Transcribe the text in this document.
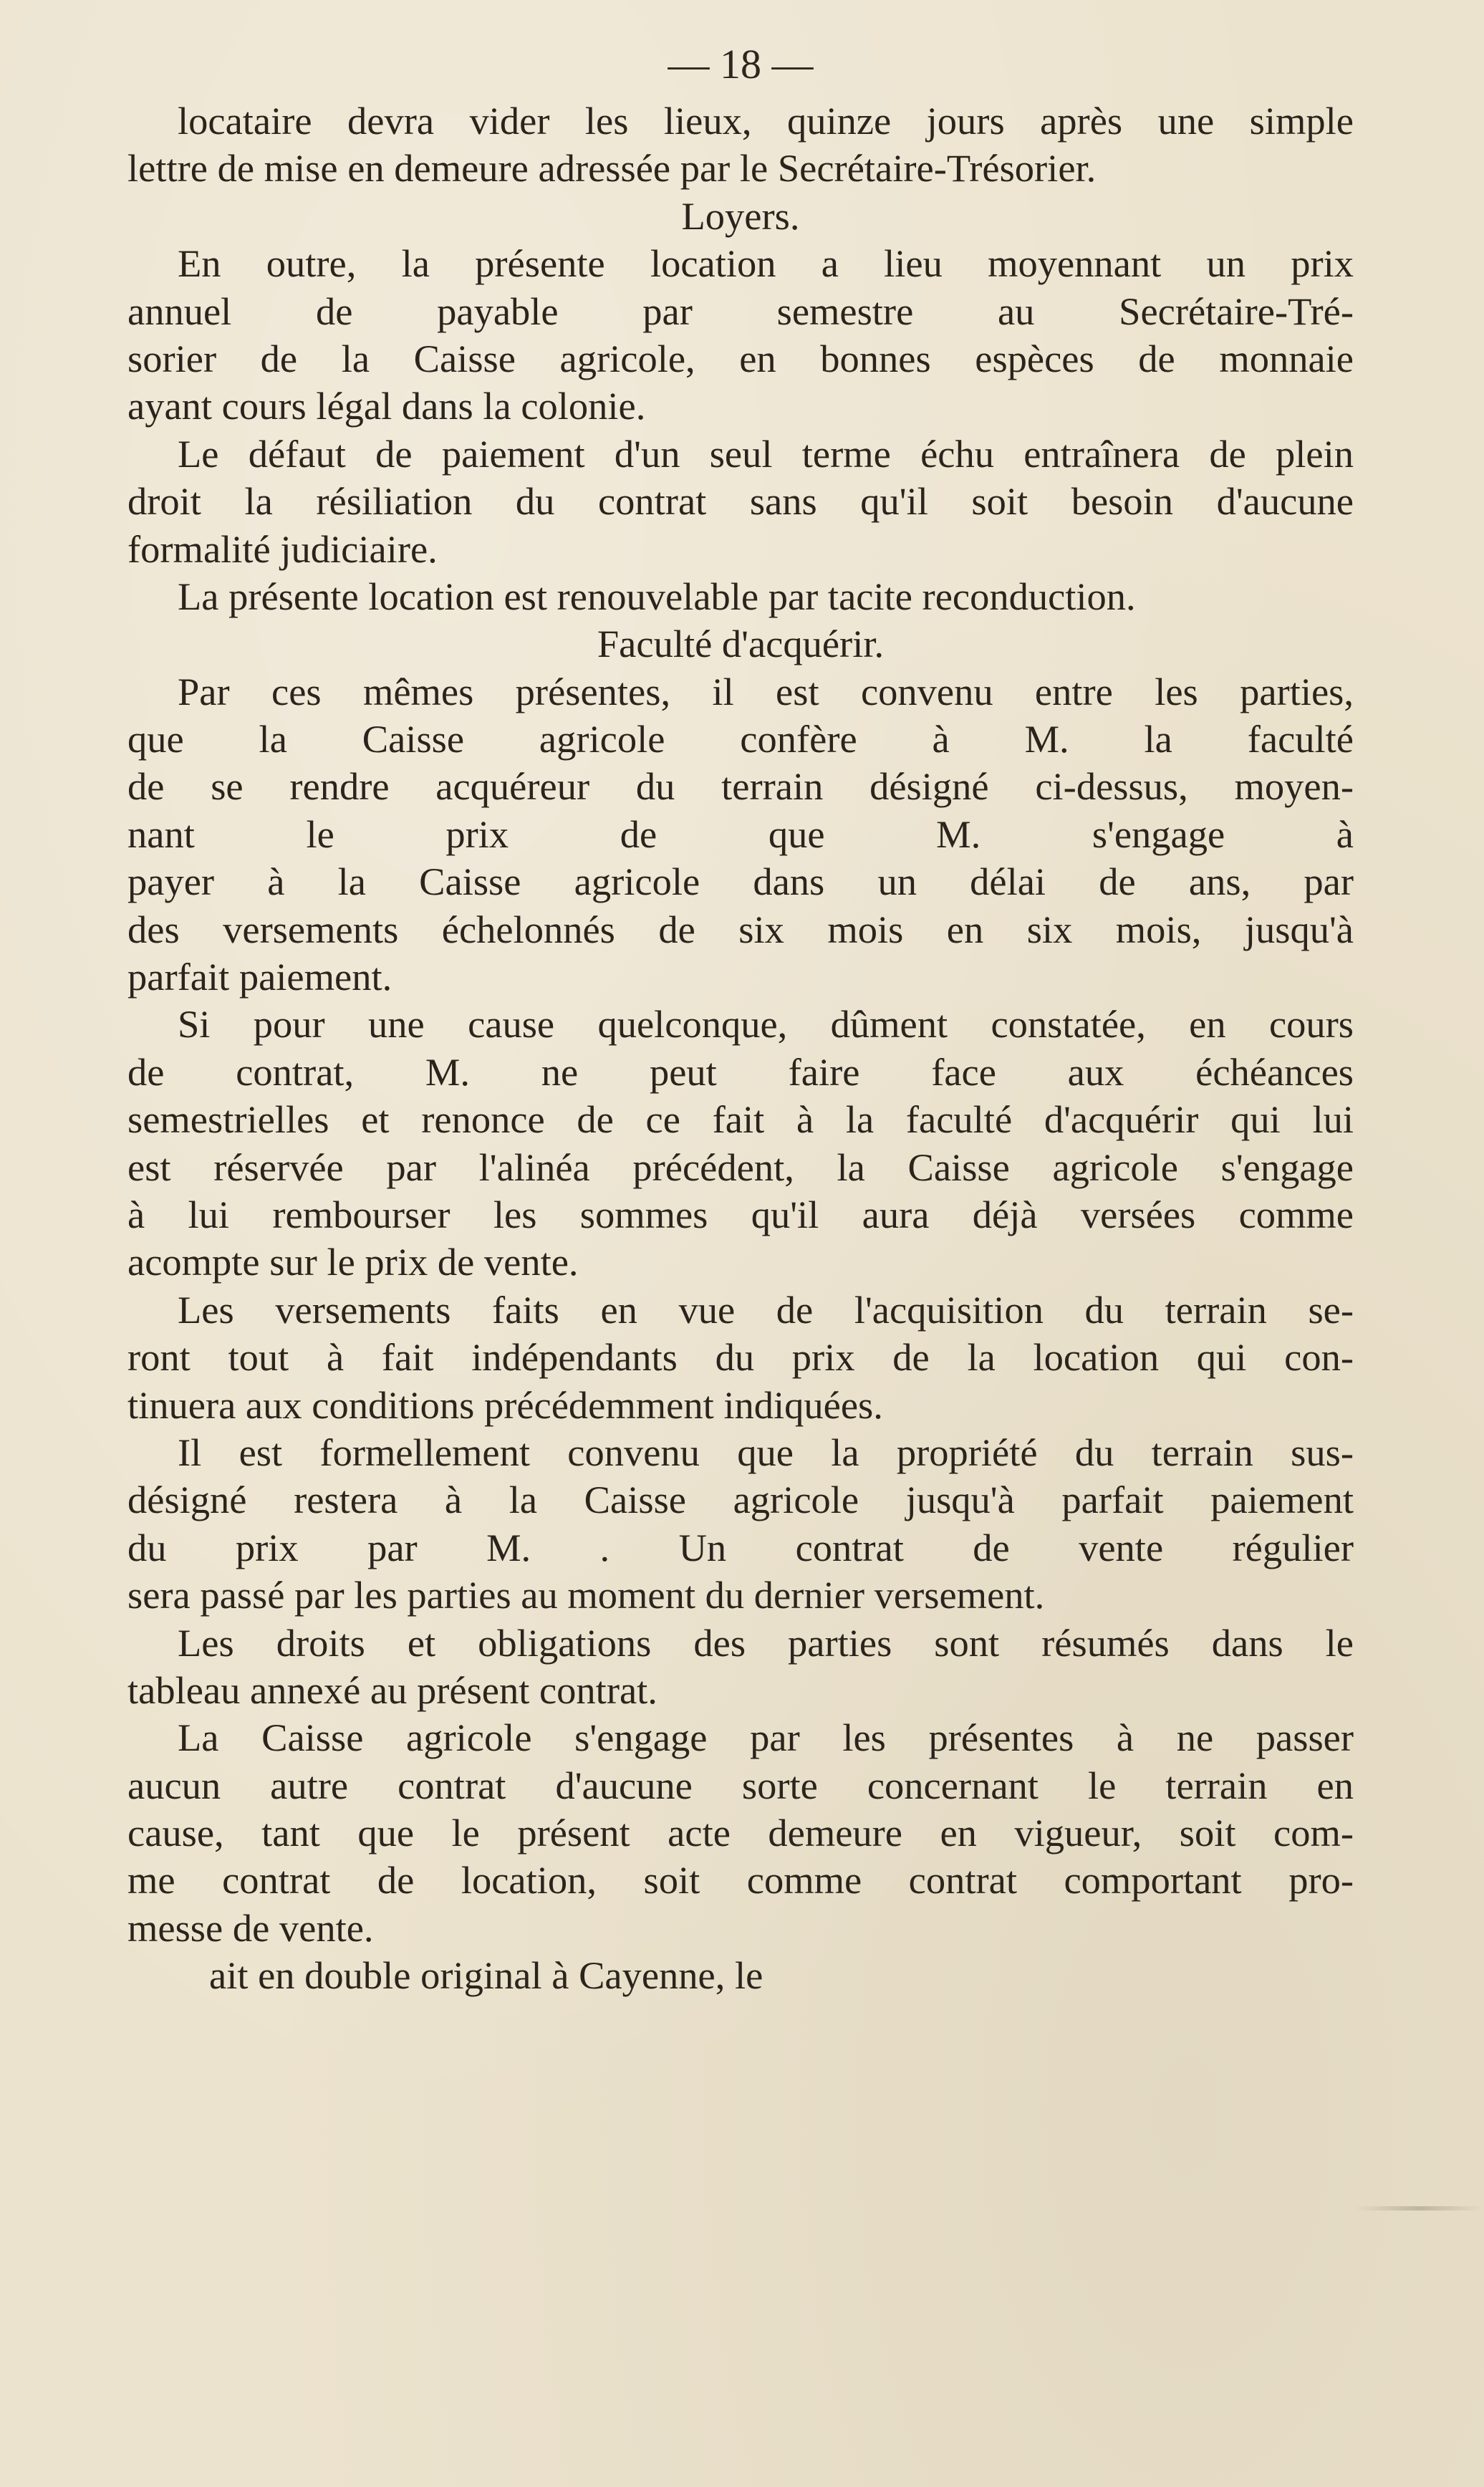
— 18 —
locataire devra vider les lieux, quinze jours après une simple
lettre de mise en demeure adressée par le Secrétaire-Trésorier.
Loyers.
En outre, la présente location a lieu moyennant un prix
annuel de payable par semestre au Secrétaire-Tré-
sorier de la Caisse agricole, en bonnes espèces de monnaie
ayant cours légal dans la colonie.
Le défaut de paiement d'un seul terme échu entraînera de plein
droit la résiliation du contrat sans qu'il soit besoin d'aucune
formalité judiciaire.
La présente location est renouvelable par tacite reconduction.
Faculté d'acquérir.
Par ces mêmes présentes, il est convenu entre les parties,
que la Caisse agricole confère à M. la faculté
de se rendre acquéreur du terrain désigné ci-dessus, moyen-
nant le prix de que M. s'engage à
payer à la Caisse agricole dans un délai de ans, par
des versements échelonnés de six mois en six mois, jusqu'à
parfait paiement.
Si pour une cause quelconque, dûment constatée, en cours
de contrat, M. ne peut faire face aux échéances
semestrielles et renonce de ce fait à la faculté d'acquérir qui lui
est réservée par l'alinéa précédent, la Caisse agricole s'engage
à lui rembourser les sommes qu'il aura déjà versées comme
acompte sur le prix de vente.
Les versements faits en vue de l'acquisition du terrain se-
ront tout à fait indépendants du prix de la location qui con-
tinuera aux conditions précédemment indiquées.
Il est formellement convenu que la propriété du terrain sus-
désigné restera à la Caisse agricole jusqu'à parfait paiement
du prix par M. . Un contrat de vente régulier
sera passé par les parties au moment du dernier versement.
Les droits et obligations des parties sont résumés dans le
tableau annexé au présent contrat.
La Caisse agricole s'engage par les présentes à ne passer
aucun autre contrat d'aucune sorte concernant le terrain en
cause, tant que le présent acte demeure en vigueur, soit com-
me contrat de location, soit comme contrat comportant pro-
messe de vente.
ait en double original à Cayenne, le
